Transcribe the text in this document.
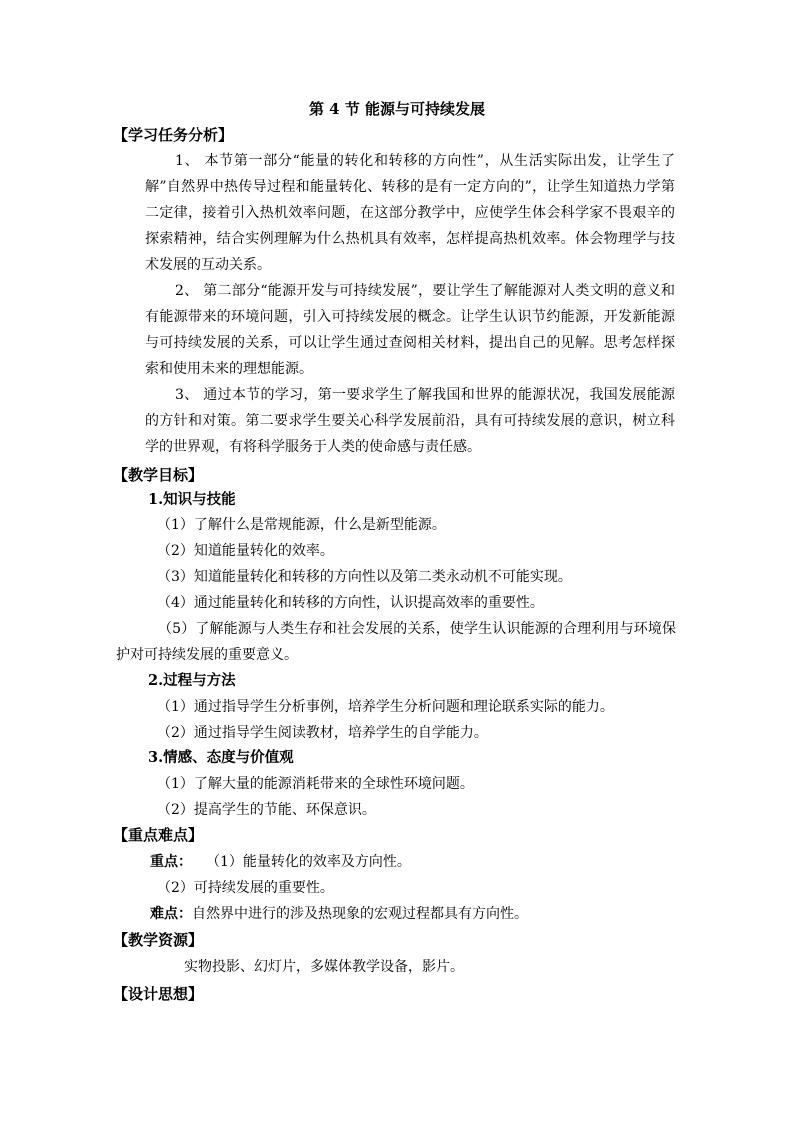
第 4 节 能源与可持续发展
【学习任务分析】
1、 本节第一部分“能量的转化和转移的方向性”，从生活实际出发，让学生了解”自然界中热传导过程和能量转化、转移的是有一定方向的”，让学生知道热力学第二定律，接着引入热机效率问题，在这部分教学中，应使学生体会科学家不畏艰辛的探索精神，结合实例理解为什么热机具有效率，怎样提高热机效率。体会物理学与技术发展的互动关系。
2、 第二部分“能源开发与可持续发展”，要让学生了解能源对人类文明的意义和有能源带来的环境问题，引入可持续发展的概念。让学生认识节约能源，开发新能源与可持续发展的关系，可以让学生通过查阅相关材料，提出自己的见解。思考怎样探索和使用未来的理想能源。
3、 通过本节的学习，第一要求学生了解我国和世界的能源状况，我国发展能源的方针和对策。第二要求学生要关心科学发展前沿，具有可持续发展的意识，树立科学的世界观，有将科学服务于人类的使命感与责任感。
【教学目标】
1.知识与技能
（1）了解什么是常规能源，什么是新型能源。
（2）知道能量转化的效率。
（3）知道能量转化和转移的方向性以及第二类永动机不可能实现。
（4）通过能量转化和转移的方向性，认识提高效率的重要性。
（5）了解能源与人类生存和社会发展的关系，使学生认识能源的合理利用与环境保护对可持续发展的重要意义。
2.过程与方法
（1）通过指导学生分析事例，培养学生分析问题和理论联系实际的能力。
（2）通过指导学生阅读教材，培养学生的自学能力。
3.情感、态度与价值观
（1）了解大量的能源消耗带来的全球性环境问题。
（2）提高学生的节能、环保意识。
【重点难点】
重点： （1）能量转化的效率及方向性。
（2）可持续发展的重要性。
难点：自然界中进行的涉及热现象的宏观过程都具有方向性。
【教学资源】
实物投影、幻灯片，多媒体教学设备，影片。
【设计思想】
